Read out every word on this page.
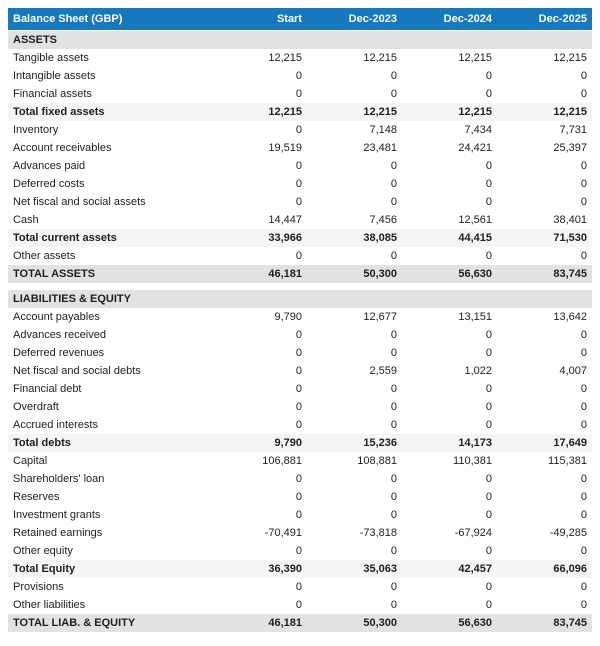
Balance Sheet (GBP)	Start	Dec-2023	Dec-2024	Dec-2025
ASSETS
Tangible assets	12,215	12,215	12,215	12,215
Intangible assets	0	0	0	0
Financial assets	0	0	0	0
Total fixed assets	12,215	12,215	12,215	12,215
Inventory	0	7,148	7,434	7,731
Account receivables	19,519	23,481	24,421	25,397
Advances paid	0	0	0	0
Deferred costs	0	0	0	0
Net fiscal and social assets	0	0	0	0
Cash	14,447	7,456	12,561	38,401
Total current assets	33,966	38,085	44,415	71,530
Other assets	0	0	0	0
TOTAL ASSETS	46,181	50,300	56,630	83,745
LIABILITIES & EQUITY
Account payables	9,790	12,677	13,151	13,642
Advances received	0	0	0	0
Deferred revenues	0	0	0	0
Net fiscal and social debts	0	2,559	1,022	4,007
Financial debt	0	0	0	0
Overdraft	0	0	0	0
Accrued interests	0	0	0	0
Total debts	9,790	15,236	14,173	17,649
Capital	106,881	108,881	110,381	115,381
Shareholders' loan	0	0	0	0
Reserves	0	0	0	0
Investment grants	0	0	0	0
Retained earnings	-70,491	-73,818	-67,924	-49,285
Other equity	0	0	0	0
Total Equity	36,390	35,063	42,457	66,096
Provisions	0	0	0	0
Other liabilities	0	0	0	0
TOTAL LIAB. & EQUITY	46,181	50,300	56,630	83,745
